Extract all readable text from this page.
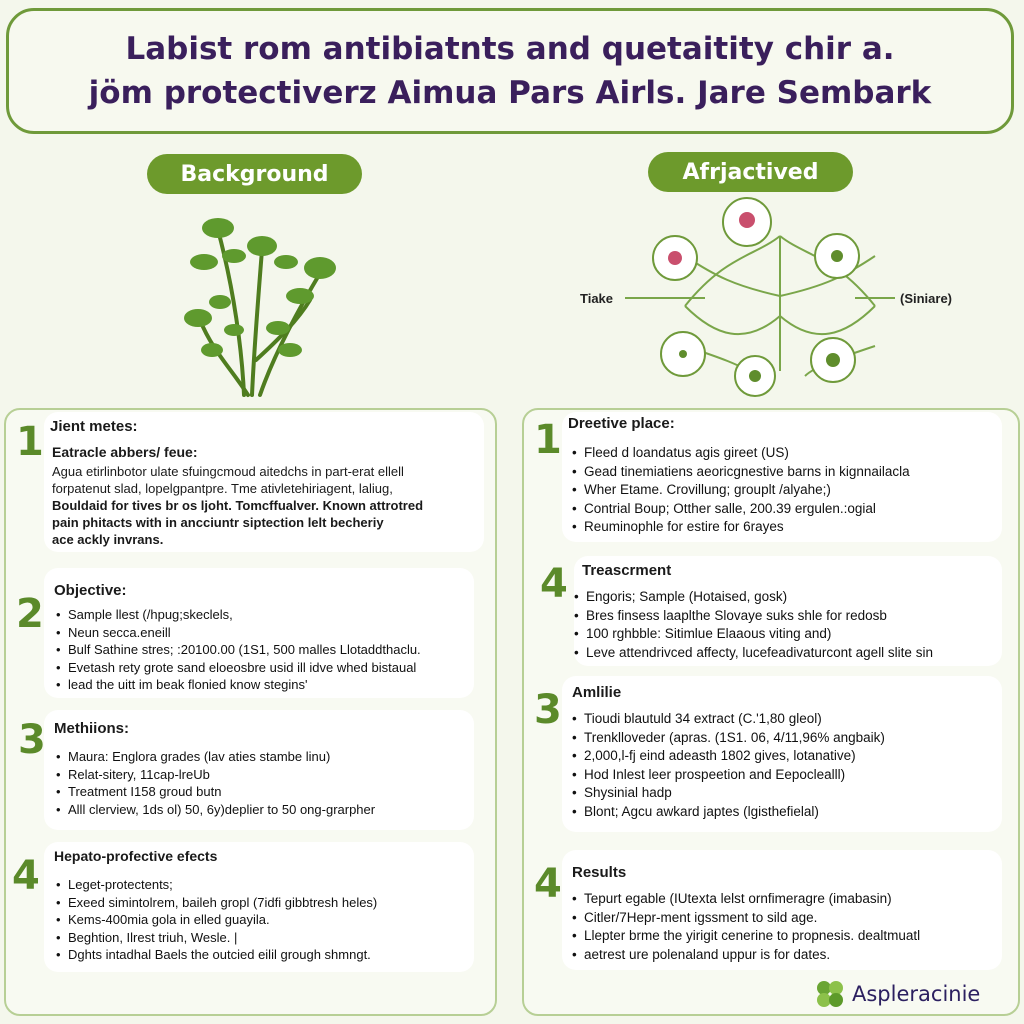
Labist rom antibiatnts and quetaitity chir a.
jöm protectiverz Aimua Pars Airls. Jare Sembark
Background	Afrjactived
Tiake	(Siniare)
1 Jient metes:
Eatracle abbers/ feue:
Agua etirlinbotor ulate sfuingcmoud aitedchs in part-erat ellell
forpatenut slad, lopelgpantpre. Tme ativletehiriagent, laliug,
Bouldaid for tives br os ljoht. Tomcffualver. Known attrotred
pain phitacts with in ancciuntr siptection lelt becheriy
ace ackly invrans.
2
Objective:
• Sample llest (/hpug;skeclels,
• Neun secca.eneill
• Bulf Sathine stres; :20100.00 (1S1, 500 malles Llotaddthaclu.
• Evetash rety grote sand eloeosbre usid ill idve whed bistaual
• lead the uitt im beak flonied know stegins'
3 Methiions:
• Maura: Englora grades (lav aties stambe linu)
• Relat-sitery, 11cap-lreUb
• Treatment I158 groud butn
• Alll clerview, 1ds ol) 50, 6y)deplier to 50 ong-grarpher
4 Hepato-profective efects
• Leget-protectents;
• Exeed simintolrem, baileh gropl (7idfi gibbtresh heles)
• Kems-400mia gola in elled guayila.
• Beghtion, Ilrest triuh, Wesle. |
• Dghts intadhal Baels the outcied eilil grough shmngt.
1 Dreetive place:
• Fleed d loandatus agis gireet (US)
• Gead tinemiatiens aeoricgnestive barns in kignnailacla
• Wher Etame. Crovillung; grouplt /alyahe;)
• Contrial Boup; Otther salle, 200.39 ergulen.:ogial
• Reuminophle for estire for 6rayes
4 Treascrment
• Engoris; Sample (Hotaised, gosk)
• Bres finsess laaplthe Slovaye suks shle for redosb
• 100 rghbble: Sitimlue Elaaous viting and)
• Leve attendrivced affecty, lucefeadivaturcont agell slite sin
3 Amlilie
• Tioudi blautuld 34 extract (C.'1,80 gleol)
• Trenklloveder (apras. (1S1. 06, 4/11,96% angbaik)
• 2,000,l-fj eind adeasth 1802 gives, lotanative)
• Hod Inlest leer prospeetion and Eepoclealll)
• Shysinial hadp
• Blont; Agcu awkard japtes (lgisthefielal)
4 Results
• Tepurt egable (IUtexta lelst ornfimeragre (imabasin)
• Citler/7Hepr-ment igssment to sild age.
• Llepter brme the yirigit cenerine to propnesis. dealtmuatl
• aetrest ure polenaland uppur is for dates.
Aspleracinie
